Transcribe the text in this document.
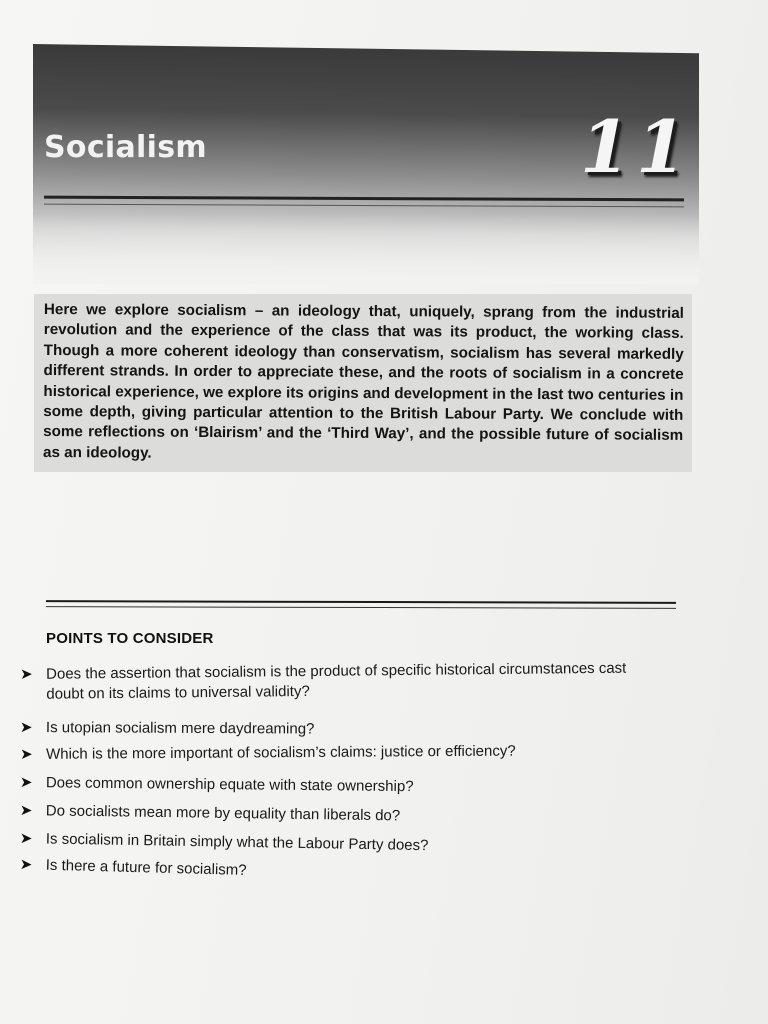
Socialism	11

Here we explore socialism – an ideology that, uniquely, sprang from the industrial revolution and the experience of the class that was its product, the working class. Though a more coherent ideology than conservatism, socialism has several markedly different strands. In order to appreciate these, and the roots of socialism in a concrete historical experience, we explore its origins and development in the last two centuries in some depth, giving particular attention to the British Labour Party. We conclude with some reflections on ‘Blairism’ and the ‘Third Way’, and the possible future of socialism as an ideology.

POINTS TO CONSIDER
➤ Does the assertion that socialism is the product of specific historical circumstances cast doubt on its claims to universal validity?
➤ Is utopian socialism mere daydreaming?
➤ Which is the more important of socialism’s claims: justice or efficiency?
➤ Does common ownership equate with state ownership?
➤ Do socialists mean more by equality than liberals do?
➤ Is socialism in Britain simply what the Labour Party does?
➤ Is there a future for socialism?
